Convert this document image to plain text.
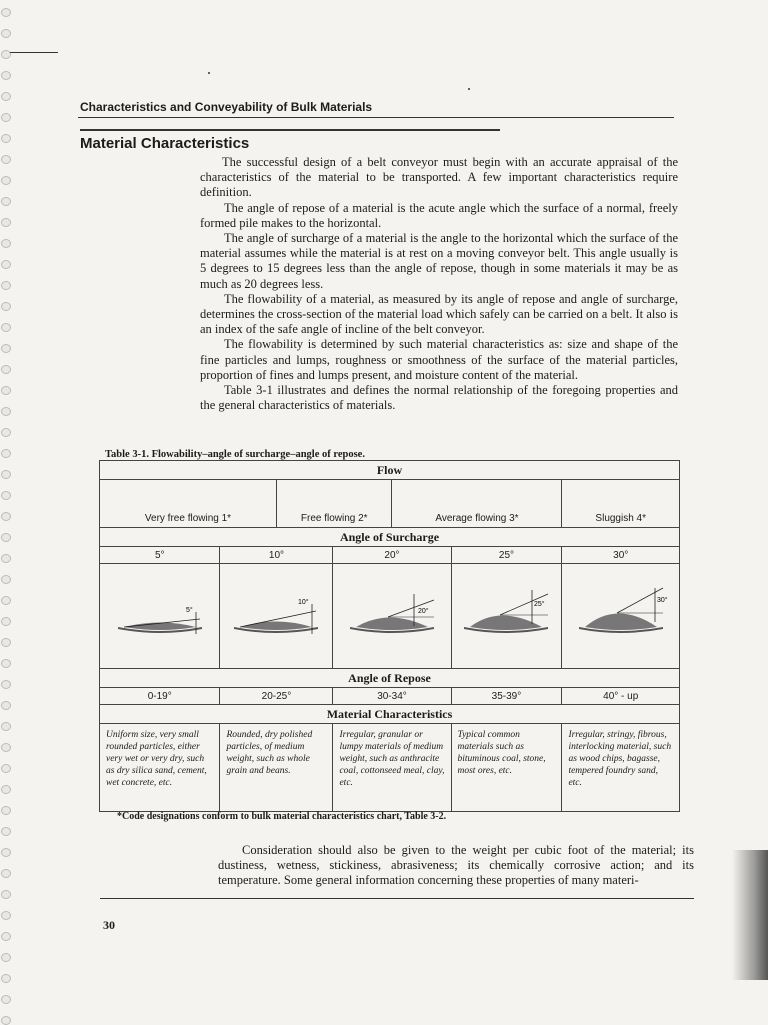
Characteristics and Conveyability of Bulk Materials
Material Characteristics

The successful design of a belt conveyor must begin with an accurate appraisal of the characteristics of the material to be transported. A few important characteristics require definition.

The angle of repose of a material is the acute angle which the surface of a normal, freely formed pile makes to the horizontal.

The angle of surcharge of a material is the angle to the horizontal which the surface of the material assumes while the material is at rest on a moving conveyor belt. This angle usually is 5 degrees to 15 degrees less than the angle of repose, though in some materials it may be as much as 20 degrees less.

The flowability of a material, as measured by its angle of repose and angle of surcharge, determines the cross-section of the material load which safely can be carried on a belt. It also is an index of the safe angle of incline of the belt conveyor.

The flowability is determined by such material characteristics as: size and shape of the fine particles and lumps, roughness or smoothness of the surface of the material particles, proportion of fines and lumps present, and moisture content of the material.

Table 3-1 illustrates and defines the normal relationship of the foregoing properties and the general characteristics of materials.

Table 3-1. Flowability–angle of surcharge–angle of repose.
Flow						
Very free flowing 1*		Free flowing 2*		Average flowing 3*		Sluggish 4*
Angle of Surcharge						
5°	10°		20°		25°	30°

5°	10°		20°		25°	30°

Angle of Repose						
0-19°	20-25°		30-34°		35-39°	40° - up
Material Characteristics						
Uniform size, very small rounded particles, either very wet or very dry, such as dry silica sand, cement, wet concrete, etc.	Rounded, dry polished particles, of medium weight, such as whole grain and beans.		Irregular, granular or lumpy materials of medium weight, such as anthracite coal, cottonseed meal, clay, etc.		Typical common materials such as bituminous coal, stone, most ores, etc.	Irregular, stringy, fibrous, interlocking material, such as wood chips, bagasse, tempered foundry sand, etc.
*Code designations conform to bulk material characteristics chart, Table 3-2.

Consideration should also be given to the weight per cubic foot of the material; its dustiness, wetness, stickiness, abrasiveness; its chemically corrosive action; and its temperature. Some general information concerning these properties of many materi-

30
